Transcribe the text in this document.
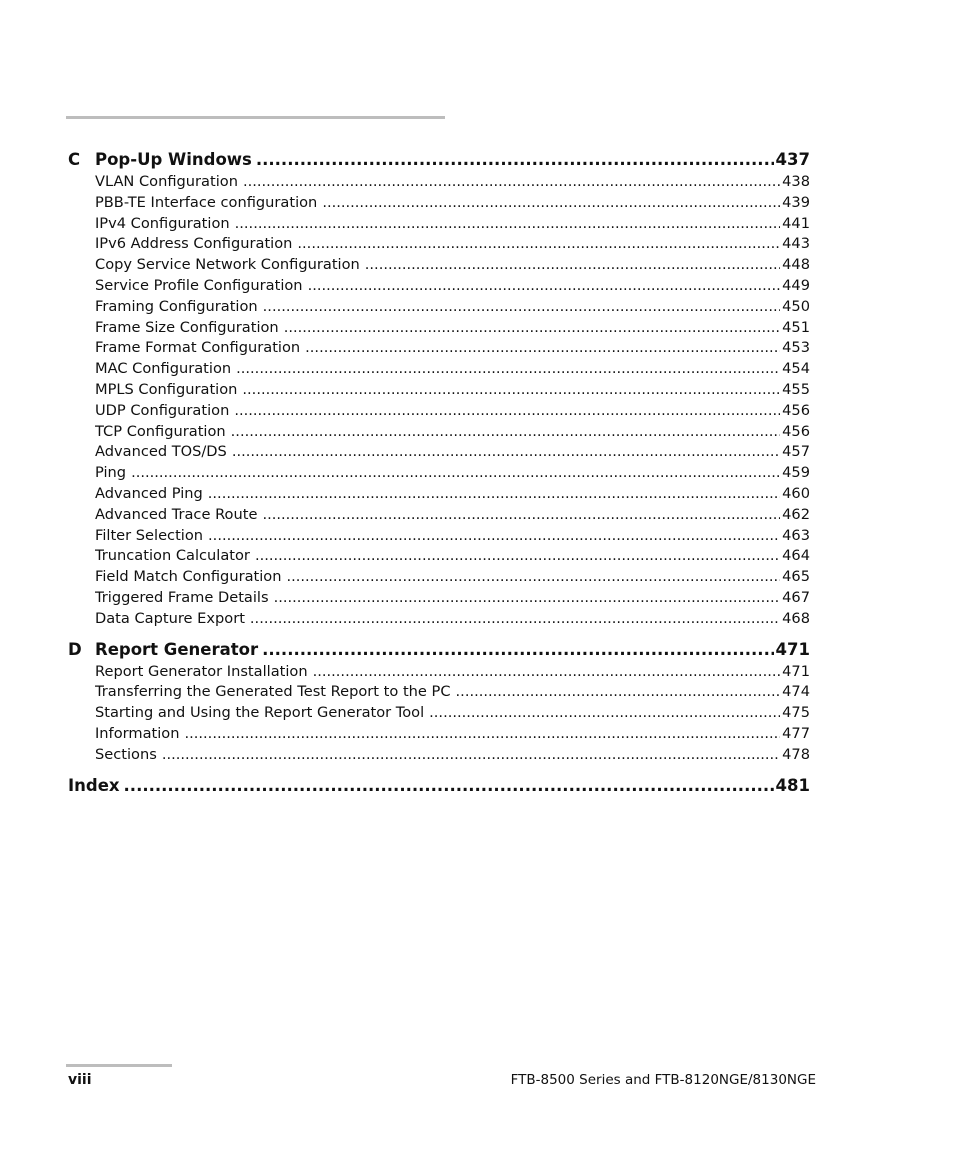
C Pop-Up Windows .....	437
VLAN Configuration .....	438
PBB-TE Interface configuration .....	439
IPv4 Configuration .....	441
IPv6 Address Configuration .....	443
Copy Service Network Configuration .....	448
Service Profile Configuration .....	449
Framing Configuration .....	450
Frame Size Configuration .....	451
Frame Format Configuration .....	453
MAC Configuration .....	454
MPLS Configuration .....	455
UDP Configuration .....	456
TCP Configuration .....	456
Advanced TOS/DS .....	457
Ping .....	459
Advanced Ping .....	460
Advanced Trace Route .....	462
Filter Selection .....	463
Truncation Calculator .....	464
Field Match Configuration .....	465
Triggered Frame Details .....	467
Data Capture Export .....	468
D Report Generator .....	471
Report Generator Installation .....	471
Transferring the Generated Test Report to the PC .....	474
Starting and Using the Report Generator Tool .....	475
Information .....	477
Sections .....	478
Index .....	481
viii	FTB-8500 Series and FTB-8120NGE/8130NGE
